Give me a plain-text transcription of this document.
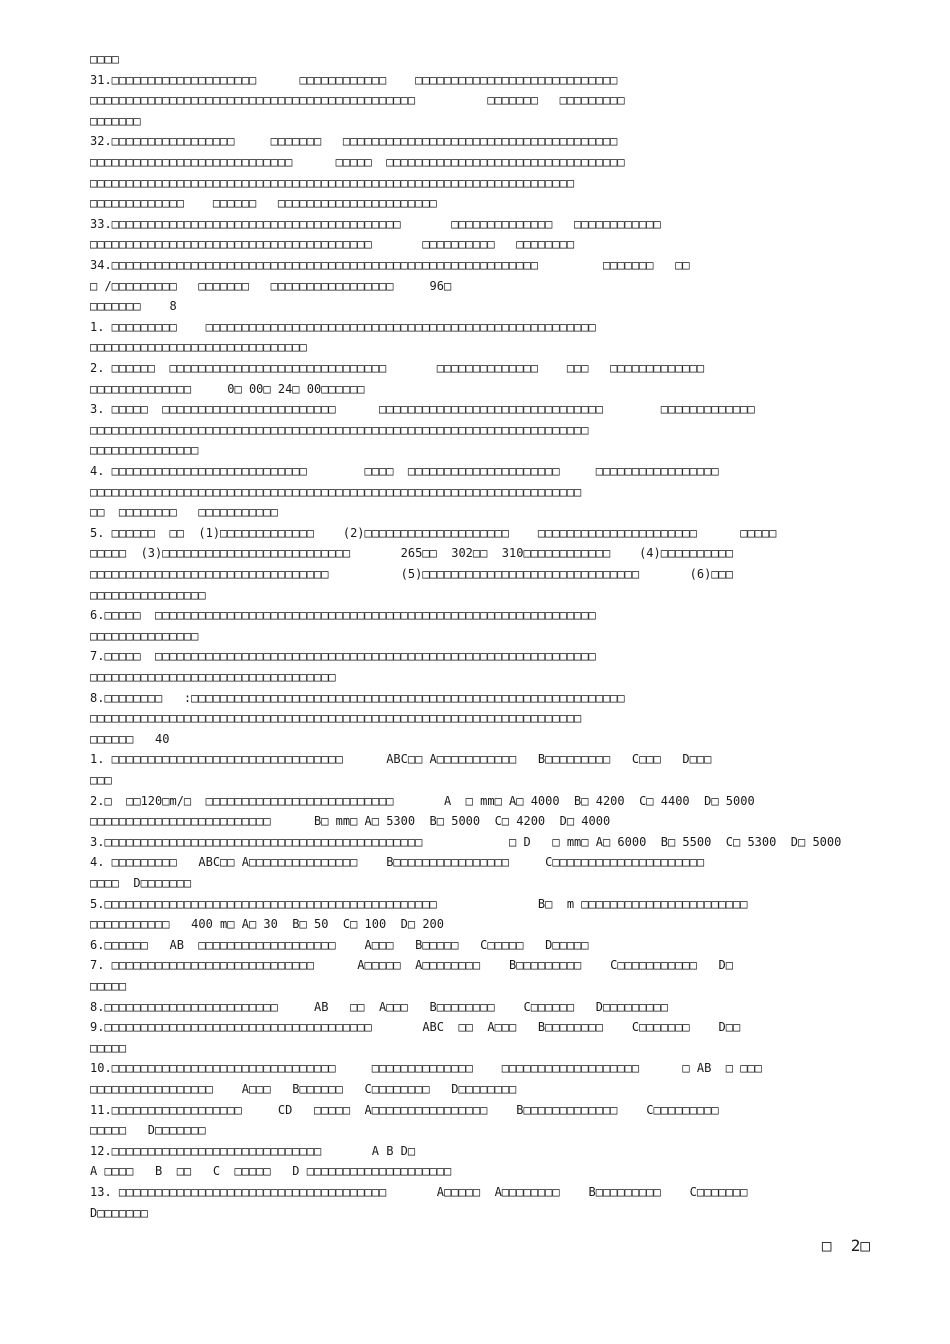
□□□□
31.□□□□□□□□□□□□□□□□□□□□      □□□□□□□□□□□□    □□□□□□□□□□□□□□□□□□□□□□□□□□□□
□□□□□□□□□□□□□□□□□□□□□□□□□□□□□□□□□□□□□□□□□□□□□          □□□□□□□   □□□□□□□□□
□□□□□□□
32.□□□□□□□□□□□□□□□□□     □□□□□□□   □□□□□□□□□□□□□□□□□□□□□□□□□□□□□□□□□□□□□□
□□□□□□□□□□□□□□□□□□□□□□□□□□□□      □□□□□  □□□□□□□□□□□□□□□□□□□□□□□□□□□□□□□□□
□□□□□□□□□□□□□□□□□□□□□□□□□□□□□□□□□□□□□□□□□□□□□□□□□□□□□□□□□□□□□□□□□□□
□□□□□□□□□□□□□    □□□□□□   □□□□□□□□□□□□□□□□□□□□□□
33.□□□□□□□□□□□□□□□□□□□□□□□□□□□□□□□□□□□□□□□□       □□□□□□□□□□□□□□   □□□□□□□□□□□□
□□□□□□□□□□□□□□□□□□□□□□□□□□□□□□□□□□□□□□□       □□□□□□□□□□   □□□□□□□□
34.□□□□□□□□□□□□□□□□□□□□□□□□□□□□□□□□□□□□□□□□□□□□□□□□□□□□□□□□□□□         □□□□□□□   □□
□ /□□□□□□□□□   □□□□□□□   □□□□□□□□□□□□□□□□□     96□
□□□□□□□    8
1. □□□□□□□□□    □□□□□□□□□□□□□□□□□□□□□□□□□□□□□□□□□□□□□□□□□□□□□□□□□□□□□□
□□□□□□□□□□□□□□□□□□□□□□□□□□□□□□
2. □□□□□□  □□□□□□□□□□□□□□□□□□□□□□□□□□□□□□       □□□□□□□□□□□□□□    □□□   □□□□□□□□□□□□□
□□□□□□□□□□□□□□     0□ 00□ 24□ 00□□□□□□
3. □□□□□  □□□□□□□□□□□□□□□□□□□□□□□□      □□□□□□□□□□□□□□□□□□□□□□□□□□□□□□□        □□□□□□□□□□□□□
□□□□□□□□□□□□□□□□□□□□□□□□□□□□□□□□□□□□□□□□□□□□□□□□□□□□□□□□□□□□□□□□□□□□□
□□□□□□□□□□□□□□□
4. □□□□□□□□□□□□□□□□□□□□□□□□□□□        □□□□  □□□□□□□□□□□□□□□□□□□□□     □□□□□□□□□□□□□□□□□
□□□□□□□□□□□□□□□□□□□□□□□□□□□□□□□□□□□□□□□□□□□□□□□□□□□□□□□□□□□□□□□□□□□□
□□  □□□□□□□□   □□□□□□□□□□□
5. □□□□□□  □□  (1)□□□□□□□□□□□□□    (2)□□□□□□□□□□□□□□□□□□□□    □□□□□□□□□□□□□□□□□□□□□□      □□□□□
□□□□□  (3)□□□□□□□□□□□□□□□□□□□□□□□□□□       265□□  302□□  310□□□□□□□□□□□□    (4)□□□□□□□□□□
□□□□□□□□□□□□□□□□□□□□□□□□□□□□□□□□□          (5)□□□□□□□□□□□□□□□□□□□□□□□□□□□□□□       (6)□□□
□□□□□□□□□□□□□□□□
6.□□□□□  □□□□□□□□□□□□□□□□□□□□□□□□□□□□□□□□□□□□□□□□□□□□□□□□□□□□□□□□□□□□□
□□□□□□□□□□□□□□□
7.□□□□□  □□□□□□□□□□□□□□□□□□□□□□□□□□□□□□□□□□□□□□□□□□□□□□□□□□□□□□□□□□□□□
□□□□□□□□□□□□□□□□□□□□□□□□□□□□□□□□□□
8.□□□□□□□□   :□□□□□□□□□□□□□□□□□□□□□□□□□□□□□□□□□□□□□□□□□□□□□□□□□□□□□□□□□□□□
□□□□□□□□□□□□□□□□□□□□□□□□□□□□□□□□□□□□□□□□□□□□□□□□□□□□□□□□□□□□□□□□□□□□
□□□□□□   40
1. □□□□□□□□□□□□□□□□□□□□□□□□□□□□□□□□      ABC□□ A□□□□□□□□□□□   B□□□□□□□□□   C□□□   D□□□
□□□
2.□  □□120□m/□  □□□□□□□□□□□□□□□□□□□□□□□□□□       A  □ mm□ A□ 4000  B□ 4200  C□ 4400  D□ 5000
□□□□□□□□□□□□□□□□□□□□□□□□□      B□ mm□ A□ 5300  B□ 5000  C□ 4200  D□ 4000
3.□□□□□□□□□□□□□□□□□□□□□□□□□□□□□□□□□□□□□□□□□□□□            □ D   □ mm□ A□ 6000  B□ 5500  C□ 5300  D□ 5000
4. □□□□□□□□□   ABC□□ A□□□□□□□□□□□□□□□    B□□□□□□□□□□□□□□□□     C□□□□□□□□□□□□□□□□□□□□□
□□□□  D□□□□□□□
5.□□□□□□□□□□□□□□□□□□□□□□□□□□□□□□□□□□□□□□□□□□□□□□              B□  m □□□□□□□□□□□□□□□□□□□□□□□
□□□□□□□□□□□   400 m□ A□ 30  B□ 50  C□ 100  D□ 200
6.□□□□□□   AB  □□□□□□□□□□□□□□□□□□□    A□□□   B□□□□□   C□□□□□   D□□□□□
7. □□□□□□□□□□□□□□□□□□□□□□□□□□□□      A□□□□□  A□□□□□□□□    B□□□□□□□□□    C□□□□□□□□□□□   D□
□□□□□
8.□□□□□□□□□□□□□□□□□□□□□□□□     AB   □□  A□□□   B□□□□□□□□    C□□□□□□   D□□□□□□□□□
9.□□□□□□□□□□□□□□□□□□□□□□□□□□□□□□□□□□□□□       ABC  □□  A□□□   B□□□□□□□□    C□□□□□□□    D□□
□□□□□
10.□□□□□□□□□□□□□□□□□□□□□□□□□□□□□□□     □□□□□□□□□□□□□□    □□□□□□□□□□□□□□□□□□□      □ AB  □ □□□
□□□□□□□□□□□□□□□□□    A□□□   B□□□□□□   C□□□□□□□□   D□□□□□□□□
11.□□□□□□□□□□□□□□□□□□     CD   □□□□□  A□□□□□□□□□□□□□□□□    B□□□□□□□□□□□□□    C□□□□□□□□□
□□□□□   D□□□□□□□
12.□□□□□□□□□□□□□□□□□□□□□□□□□□□□□       A B D□
A □□□□   B  □□   C  □□□□□   D □□□□□□□□□□□□□□□□□□□□
13. □□□□□□□□□□□□□□□□□□□□□□□□□□□□□□□□□□□□□       A□□□□□  A□□□□□□□□    B□□□□□□□□□    C□□□□□□□
D□□□□□□□
□  2□
